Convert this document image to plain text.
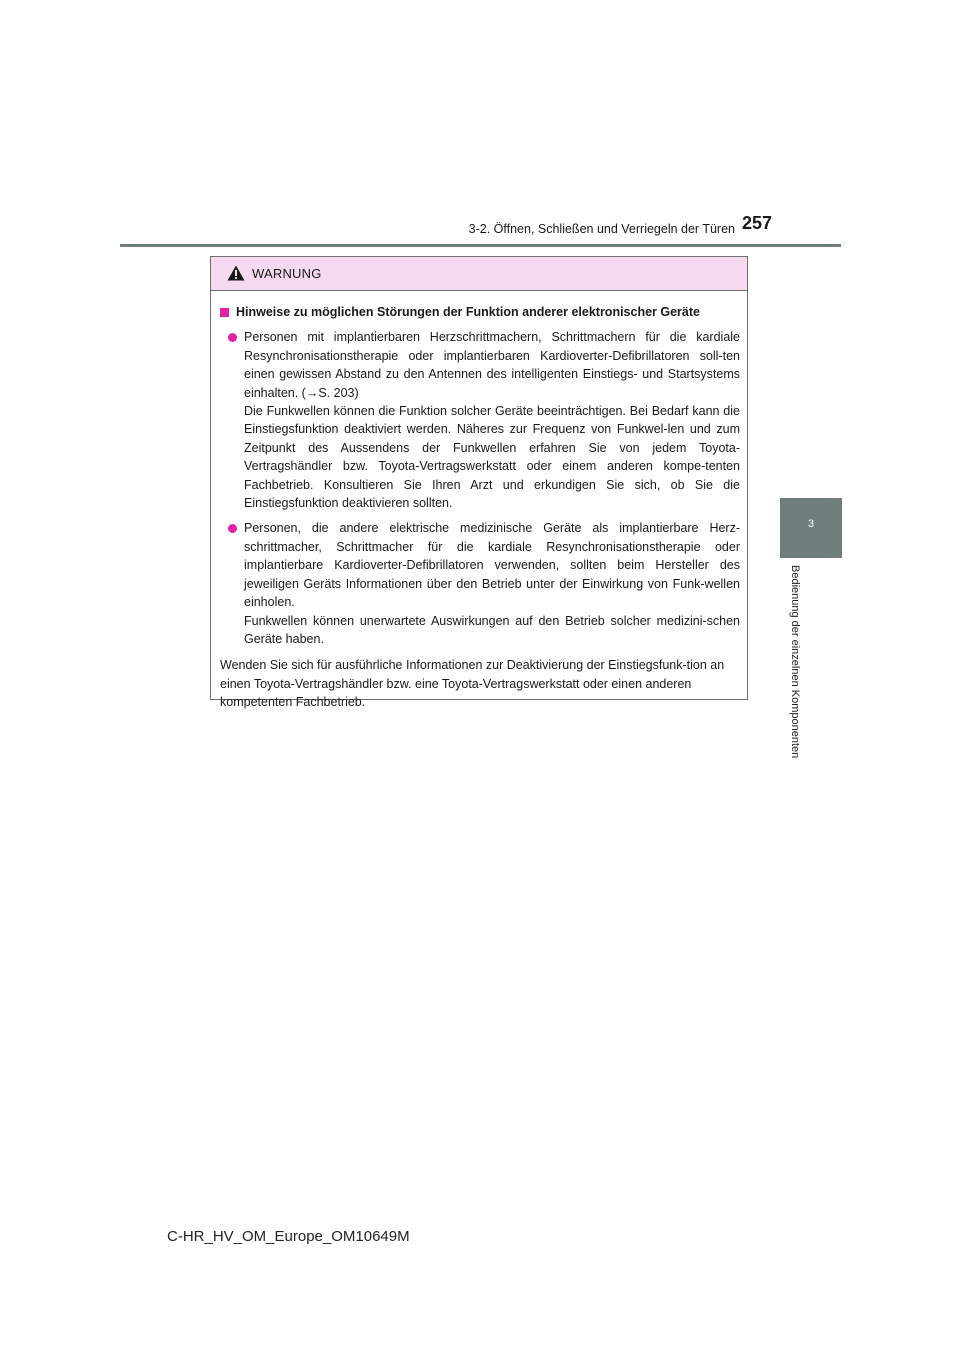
3-2. Öffnen, Schließen und Verriegeln der Türen 257
3
Bedienung der einzelnen Komponenten
WARNUNG
Hinweise zu möglichen Störungen der Funktion anderer elektronischer Geräte

Personen mit implantierbaren Herzschrittmachern, Schrittmachern für die kardiale Resynchronisationstherapie oder implantierbaren Kardioverter-Defibrillatoren soll-ten einen gewissen Abstand zu den Antennen des intelligenten Einstiegs- und Startsystems einhalten. (→S. 203)

Die Funkwellen können die Funktion solcher Geräte beeinträchtigen. Bei Bedarf kann die Einstiegsfunktion deaktiviert werden. Näheres zur Frequenz von Funkwel-len und zum Zeitpunkt des Aussendens der Funkwellen erfahren Sie von jedem Toyota-Vertragshändler bzw. Toyota-Vertragswerkstatt oder einem anderen kompe-tenten Fachbetrieb. Konsultieren Sie Ihren Arzt und erkundigen Sie sich, ob Sie die Einstiegsfunktion deaktivieren sollten.

Personen, die andere elektrische medizinische Geräte als implantierbare Herz-schrittmacher, Schrittmacher für die kardiale Resynchronisationstherapie oder implantierbare Kardioverter-Defibrillatoren verwenden, sollten beim Hersteller des jeweiligen Geräts Informationen über den Betrieb unter der Einwirkung von Funk-wellen einholen.

Funkwellen können unerwartete Auswirkungen auf den Betrieb solcher medizini-schen Geräte haben.

Wenden Sie sich für ausführliche Informationen zur Deaktivierung der Einstiegsfunk-tion an einen Toyota-Vertragshändler bzw. eine Toyota-Vertragswerkstatt oder einen anderen kompetenten Fachbetrieb.
C-HR_HV_OM_Europe_OM10649M
